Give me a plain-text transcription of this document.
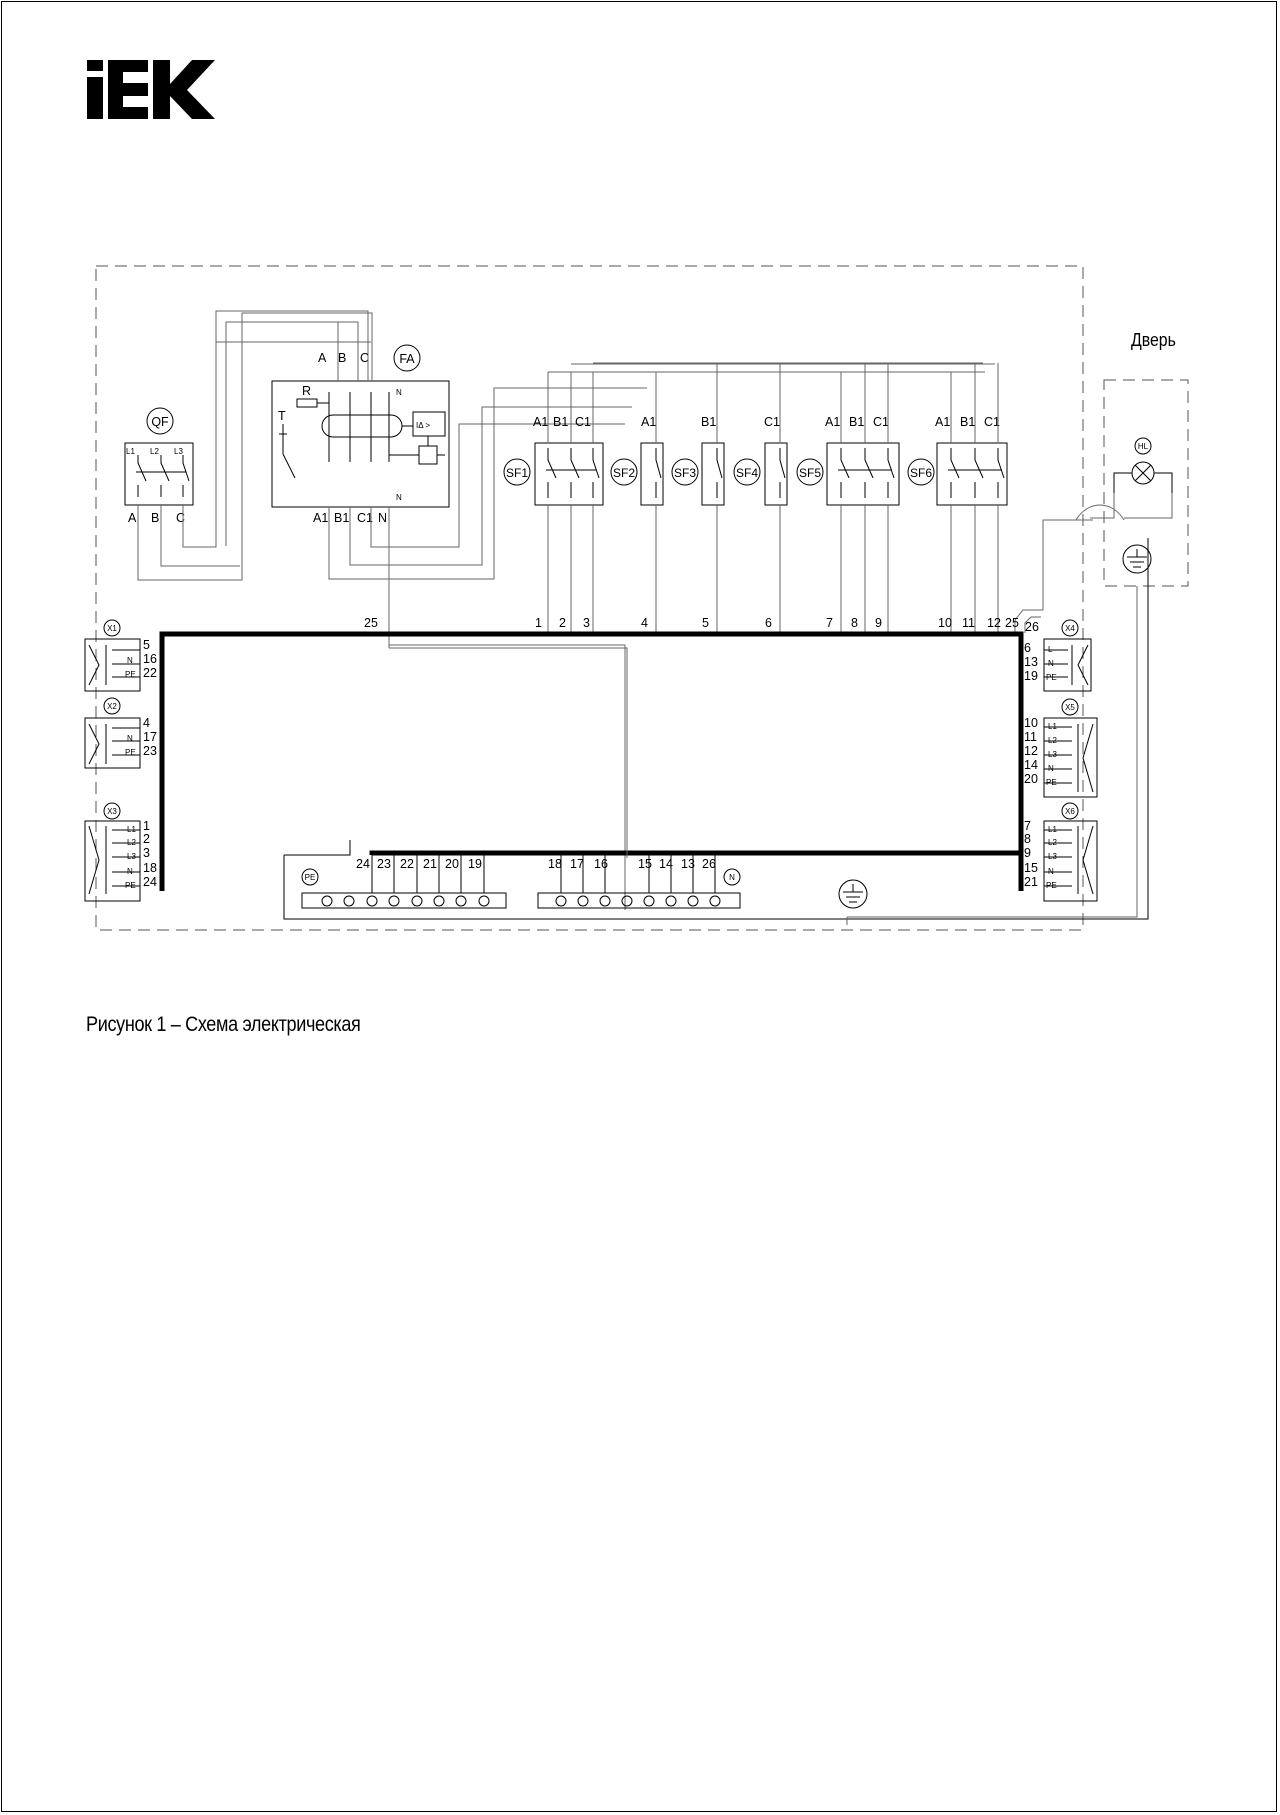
Дверь
QF
L1 L2 L3
A B C
FA
A B C
N
R
T
IΔ >
A1 B1 C1 N
N
A1 B1 C1
SF1
A1
SF2
B1
SF3
C1
SF4
A1 B1 C1
SF5
A1 B1 C1
SF6
25	1 2 3	4	5	6	7 8 9	10 11 12 25 26
X1
5
16
22
N
PE
X2
4
17
23
N
PE
X3
1
2
3
18
24
L1
L2
L3
N
PE
X4
6
13
19
L
N
PE
X5
10
11
12
14
20
L1
L2
L3
N
PE
X6
7
8
9
15
21
L1
L2
L3
N
PE
PE
24 23 22 21 20 19
N
18 17 16 15 14 13 26
HL
Рисунок 1 – Схема электрическая
